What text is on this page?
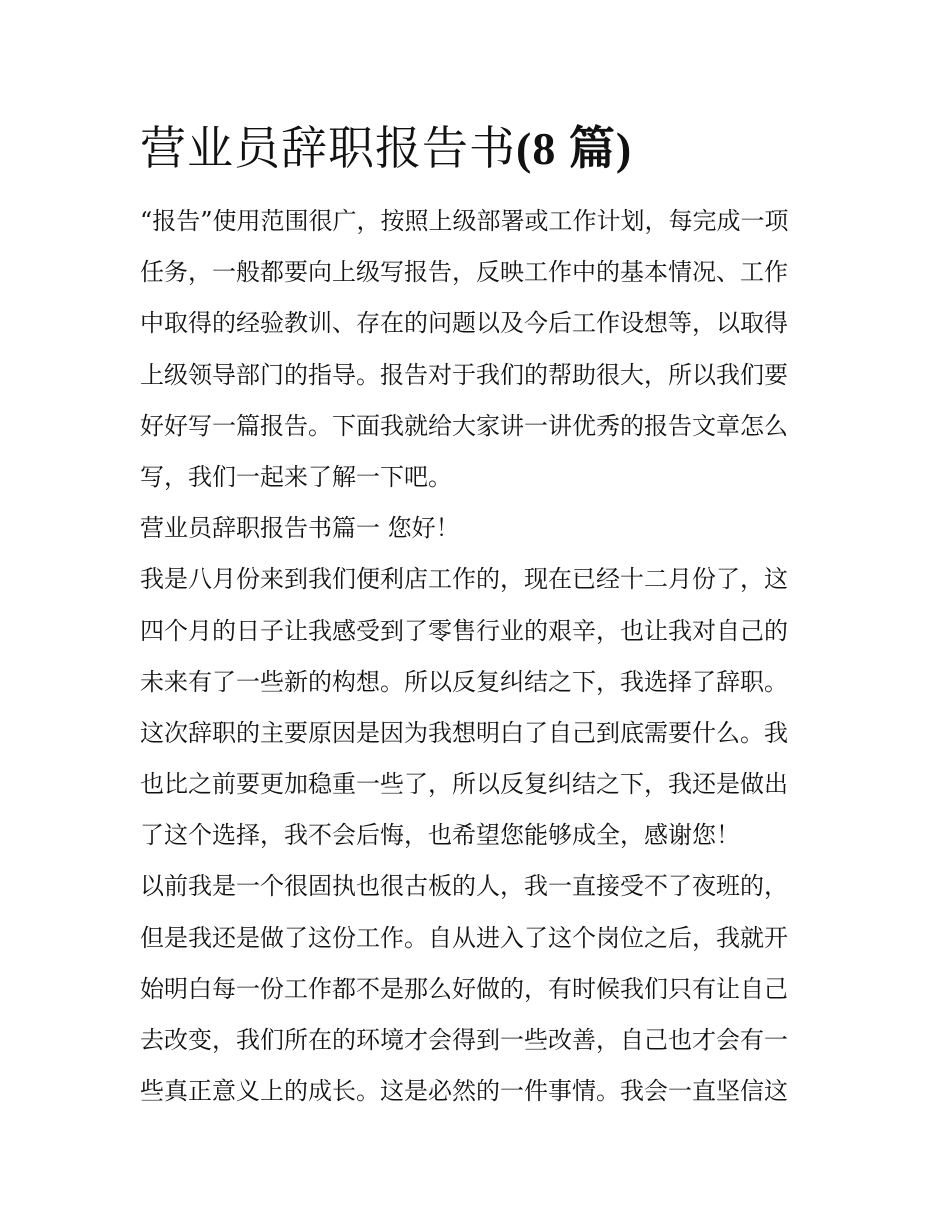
营业员辞职报告书(8 篇)
“报告”使用范围很广，按照上级部署或工作计划，每完成一项
任务，一般都要向上级写报告，反映工作中的基本情况、工作
中取得的经验教训、存在的问题以及今后工作设想等，以取得
上级领导部门的指导。报告对于我们的帮助很大，所以我们要
好好写一篇报告。下面我就给大家讲一讲优秀的报告文章怎么
写，我们一起来了解一下吧。
营业员辞职报告书篇一 您好！
我是八月份来到我们便利店工作的，现在已经十二月份了，这
四个月的日子让我感受到了零售行业的艰辛，也让我对自己的
未来有了一些新的构想。所以反复纠结之下，我选择了辞职。
这次辞职的主要原因是因为我想明白了自己到底需要什么。我
也比之前要更加稳重一些了，所以反复纠结之下，我还是做出
了这个选择，我不会后悔，也希望您能够成全，感谢您！
以前我是一个很固执也很古板的人，我一直接受不了夜班的，
但是我还是做了这份工作。自从进入了这个岗位之后，我就开
始明白每一份工作都不是那么好做的，有时候我们只有让自己
去改变，我们所在的环境才会得到一些改善，自己也才会有一
些真正意义上的成长。这是必然的一件事情。我会一直坚信这
